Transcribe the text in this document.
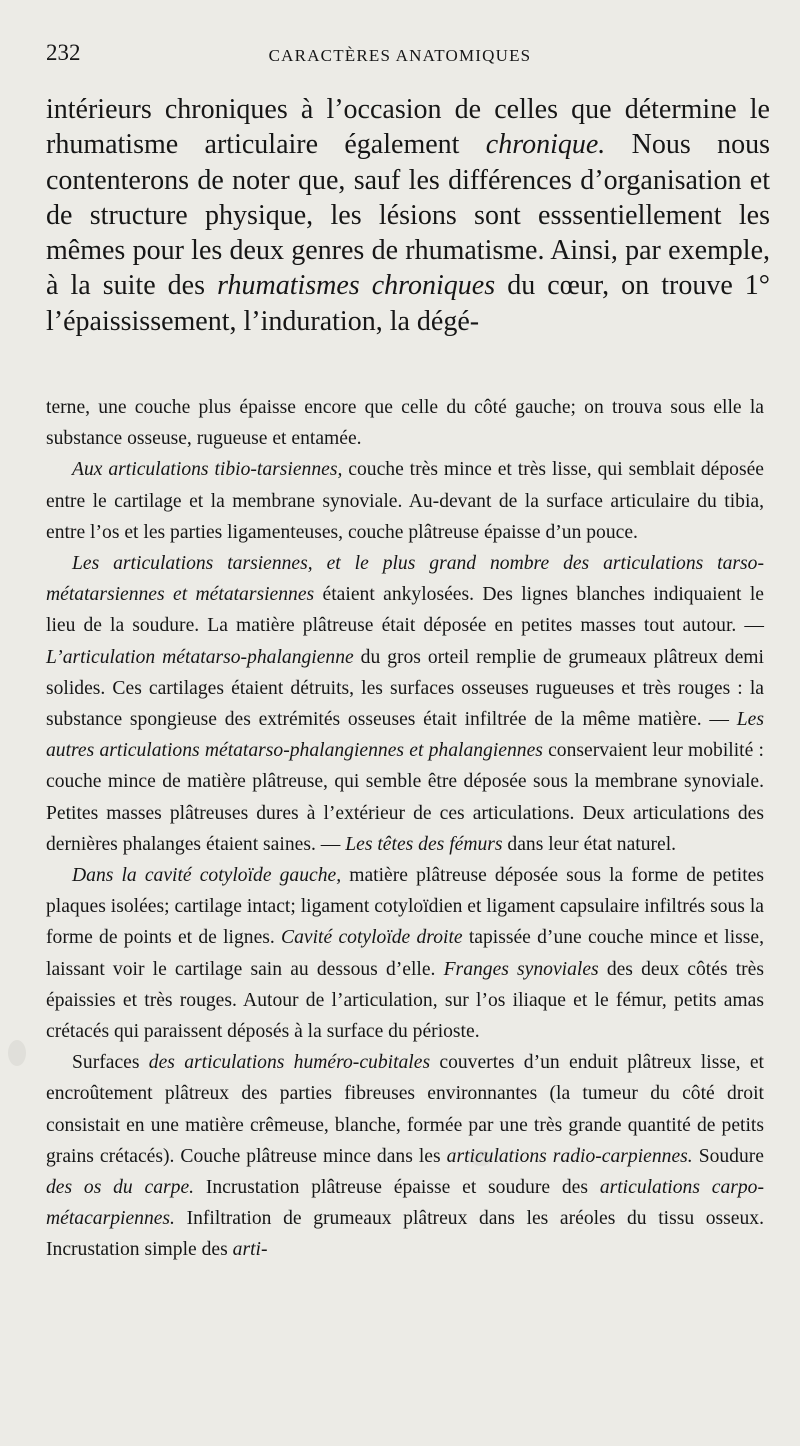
232	CARACTÈRES ANATOMIQUES

intérieurs chroniques à l’occasion de celles que détermine le rhumatisme articulaire également chronique. Nous nous contenterons de noter que, sauf les différences d’organisation et de structure physique, les lésions sont esssentiellement les mêmes pour les deux genres de rhumatisme. Ainsi, par exemple, à la suite des rhumatismes chroniques du cœur, on trouve 1° l’épaississement, l’induration, la dégé-

terne, une couche plus épaisse encore que celle du côté gauche; on trouva sous elle la substance osseuse, rugueuse et entamée.

Aux articulations tibio-tarsiennes, couche très mince et très lisse, qui semblait déposée entre le cartilage et la membrane synoviale. Au-devant de la surface articulaire du tibia, entre l’os et les parties ligamenteuses, couche plâtreuse épaisse d’un pouce.

Les articulations tarsiennes, et le plus grand nombre des articulations tarso-métatarsiennes et métatarsiennes étaient ankylosées. Des lignes blanches indiquaient le lieu de la soudure. La matière plâtreuse était déposée en petites masses tout autour. — L’articulation métatarso-phalangienne du gros orteil remplie de grumeaux plâtreux demi solides. Ces cartilages étaient détruits, les surfaces osseuses rugueuses et très rouges : la substance spongieuse des extrémités osseuses était infiltrée de la même matière. — Les autres articulations métatarso-phalangiennes et phalangiennes conservaient leur mobilité : couche mince de matière plâtreuse, qui semble être déposée sous la membrane synoviale. Petites masses plâtreuses dures à l’extérieur de ces articulations. Deux articulations des dernières phalanges étaient saines. — Les têtes des fémurs dans leur état naturel.

Dans la cavité cotyloïde gauche, matière plâtreuse déposée sous la forme de petites plaques isolées; cartilage intact; ligament cotyloïdien et ligament capsulaire infiltrés sous la forme de points et de lignes. Cavité cotyloïde droite tapissée d’une couche mince et lisse, laissant voir le cartilage sain au dessous d’elle. Franges synoviales des deux côtés très épaissies et très rouges. Autour de l’articulation, sur l’os iliaque et le fémur, petits amas crétacés qui paraissent déposés à la surface du périoste.

Surfaces des articulations huméro-cubitales couvertes d’un enduit plâtreux lisse, et encroûtement plâtreux des parties fibreuses environnantes (la tumeur du côté droit consistait en une matière crêmeuse, blanche, formée par une très grande quantité de petits grains crétacés). Couche plâtreuse mince dans les articulations radio-carpiennes. Soudure des os du carpe. Incrustation plâtreuse épaisse et soudure des articulations carpo-métacarpiennes. Infiltration de grumeaux plâtreux dans les aréoles du tissu osseux. Incrustation simple des arti-
